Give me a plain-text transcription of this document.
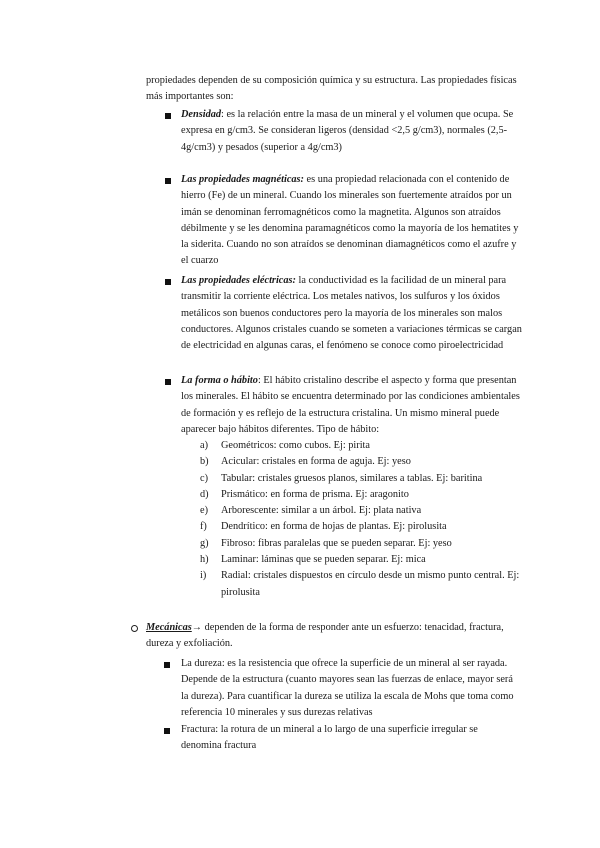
propiedades dependen de su composición química y su estructura. Las propiedades físicas

más importantes son:

Densidad: es la relación entre la masa de un mineral y el volumen que ocupa. Se expresa en g/cm3. Se consideran ligeros (densidad <2,5 g/cm3), normales (2,5-4g/cm3) y pesados (superior a 4g/cm3)

Las propiedades magnéticas: es una propiedad relacionada con el contenido de hierro (Fe) de un mineral. Cuando los minerales son fuertemente atraídos por un imán se denominan ferromagnéticos como la magnetita. Algunos son atraídos débilmente y se les denomina paramagnéticos como la mayoría de los hematites y la siderita. Cuando no son atraídos se denominan diamagnéticos como el azufre y el cuarzo

Las propiedades eléctricas: la conductividad es la facilidad de un mineral para transmitir la corriente eléctrica. Los metales nativos, los sulfuros y los óxidos metálicos son buenos conductores pero la mayoría de los minerales son malos conductores. Algunos cristales cuando se someten a variaciones térmicas se cargan de electricidad en algunas caras, el fenómeno se conoce como piroelectricidad

La forma o hábito: El hábito cristalino describe el aspecto y forma que presentan los minerales. El hábito se encuentra determinado por las condiciones ambientales de formación y es reflejo de la estructura cristalina. Un mismo mineral puede aparecer bajo hábitos diferentes. Tipo de hábito:

a)	Geométricos: como cubos. Ej: pirita
b)	Acicular: cristales en forma de aguja. Ej: yeso
c)	Tabular: cristales gruesos planos, similares a tablas. Ej: baritina
d)	Prismático: en forma de prisma. Ej: aragonito
e)	Arborescente: similar a un árbol. Ej: plata nativa
f)	Dendrítico: en forma de hojas de plantas. Ej: pirolusita
g)	Fibroso: fibras paralelas que se pueden separar. Ej: yeso
h)	Laminar: láminas que se pueden separar. Ej: mica
i)	Radial: cristales dispuestos en círculo desde un mismo punto central. Ej: pirolusita

Mecánicas→ dependen de la forma de responder ante un esfuerzo: tenacidad, fractura, dureza y exfoliación.

La dureza: es la resistencia que ofrece la superficie de un mineral al ser rayada. Depende de la estructura (cuanto mayores sean las fuerzas de enlace, mayor será la dureza). Para cuantificar la dureza se utiliza la escala de Mohs que toma como referencia 10 minerales y sus durezas relativas

Fractura: la rotura de un mineral a lo largo de una superficie irregular se denomina fractura
